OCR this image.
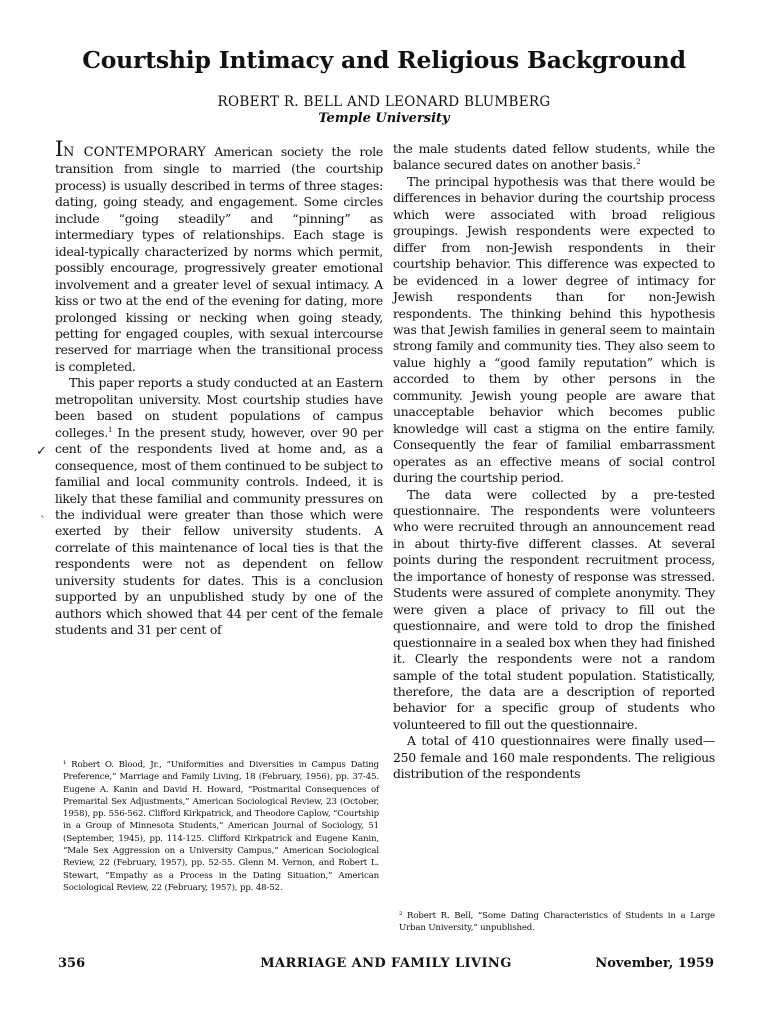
Courtship Intimacy and Religious Background
ROBERT R. BELL AND LEONARD BLUMBERG
Temple University

IN CONTEMPORARY American society the role transition from single to married (the courtship process) is usually described in terms of three stages: dating, going steady, and engagement. Some circles include “going steadily” and “pinning” as intermediary types of relationships. Each stage is ideal-typically characterized by norms which permit, possibly encourage, progressively greater emotional involvement and a greater level of sexual intimacy. A kiss or two at the end of the evening for dating, more prolonged kissing or necking when going steady, petting for engaged couples, with sexual intercourse reserved for marriage when the transitional process is completed.

This paper reports a study conducted at an Eastern metropolitan university. Most courtship studies have been based on student populations of campus colleges.$^1$ In the present study, however, over 90 per cent of the respondents lived at home and, as a consequence, most of them continued to be subject to familial and local community controls. Indeed, it is likely that these familial and community pressures on the individual were greater than those which were exerted by their fellow university students. A correlate of this maintenance of local ties is that the respondents were not as dependent on fellow university students for dates. This is a conclusion supported by an unpublished study by one of the authors which showed that 44 per cent of the female students and 31 per cent of

the male students dated fellow students, while the balance secured dates on another basis.$^2$

The principal hypothesis was that there would be differences in behavior during the courtship process which were associated with broad religious groupings. Jewish respondents were expected to differ from non-Jewish respondents in their courtship behavior. This difference was expected to be evidenced in a lower degree of intimacy for Jewish respondents than for non-Jewish respondents. The thinking behind this hypothesis was that Jewish families in general seem to maintain strong family and community ties. They also seem to value highly a “good family reputation” which is accorded to them by other persons in the community. Jewish young people are aware that unacceptable behavior which becomes public knowledge will cast a stigma on the entire family. Consequently the fear of familial embarrassment operates as an effective means of social control during the courtship period.

The data were collected by a pre-tested questionnaire. The respondents were volunteers who were recruited through an announcement read in about thirty-five different classes. At several points during the respondent recruitment process, the importance of honesty of response was stressed. Students were assured of complete anonymity. They were given a place of privacy to fill out the questionnaire, and were told to drop the finished questionnaire in a sealed box when they had finished it. Clearly the respondents were not a random sample of the total student population. Statistically, therefore, the data are a description of reported behavior for a specific group of students who volunteered to fill out the questionnaire.

A total of 410 questionnaires were finally used—250 female and 160 male respondents. The religious distribution of the respondents

¹ Robert O. Blood, Jr., “Uniformities and Diversities in Campus Dating Preference,” Marriage and Family Living, 18 (February, 1956), pp. 37-45. Eugene A. Kanin and David H. Howard, “Postmarital Consequences of Premarital Sex Adjustments,” American Sociological Review, 23 (October, 1958), pp. 556-562. Clifford Kirkpatrick, and Theodore Caplow, “Courtship in a Group of Minnesota Students,” American Journal of Sociology, 51 (September, 1945), pp. 114-125. Clifford Kirkpatrick and Eugene Kanin, “Male Sex Aggression on a University Campus,” American Sociological Review, 22 (February, 1957), pp. 52-55. Glenn M. Vernon, and Robert L. Stewart, “Empathy as a Process in the Dating Situation,” American Sociological Review, 22 (February, 1957), pp. 48-52.
² Robert R. Bell, “Some Dating Characteristics of Students in a Large Urban University,” unpublished.
✓
ˎ
356	MARRIAGE AND FAMILY LIVING	November, 1959
